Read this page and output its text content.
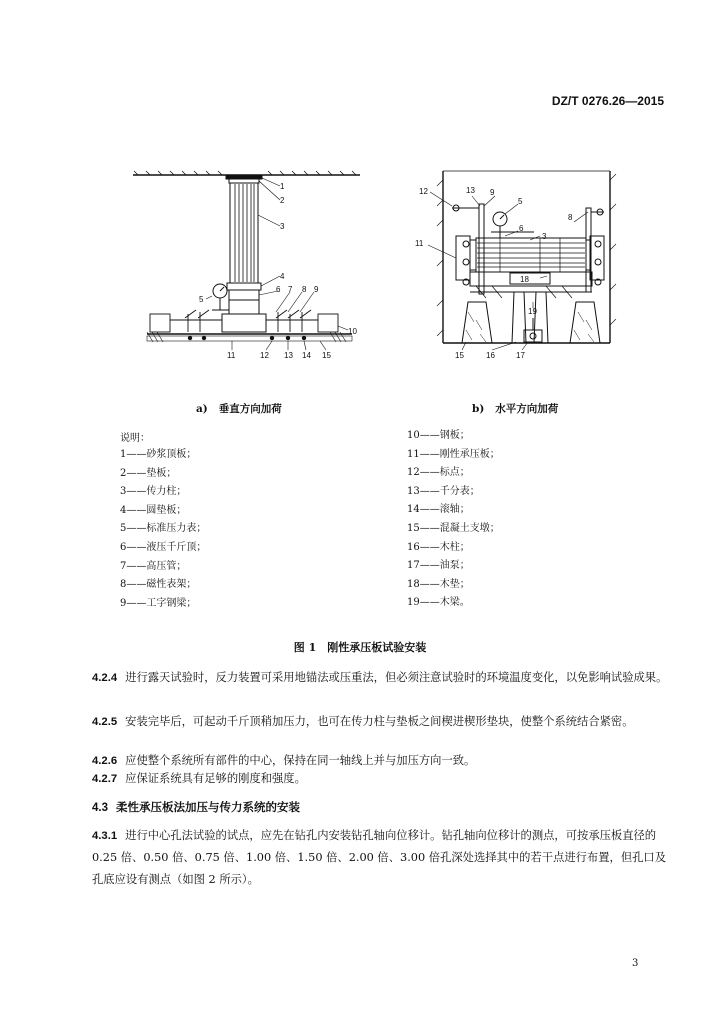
DZ/T 0276.26—2015
1
2
3
4
5
6 7 8 9
10
11	12 13 14 15
12	13 9
5
6
3
8
11
18
19
15	16	17
a) 垂直方向加荷	b) 水平方向加荷
说明：
1——砂浆顶板；
2——垫板；
3——传力柱；
4——圆垫板；
5——标准压力表；
6——液压千斤顶；
7——高压管；
8——磁性表架；
9——工字钢梁；
10——钢板；
11——刚性承压板；
12——标点；
13——千分表；
14——滚轴；
15——混凝土支墩；
16——木柱；
17——油泵；
18——木垫；
19——木梁。
图 1　刚性承压板试验安装
4.2.4 进行露天试验时，反力装置可采用地锚法或压重法，但必须注意试验时的环境温度变化，以免影响试验成果。
4.2.5 安装完毕后，可起动千斤顶稍加压力，也可在传力柱与垫板之间楔进楔形垫块，使整个系统结合紧密。
4.2.6 应使整个系统所有部件的中心，保持在同一轴线上并与加压方向一致。
4.2.7 应保证系统具有足够的刚度和强度。
4.3 柔性承压板法加压与传力系统的安装
4.3.1 进行中心孔法试验的试点，应先在钻孔内安装钻孔轴向位移计。钻孔轴向位移计的测点，可按承压板直径的 0.25 倍、0.50 倍、0.75 倍、1.00 倍、1.50 倍、2.00 倍、3.00 倍孔深处选择其中的若干点进行布置，但孔口及孔底应设有测点（如图 2 所示）。
3
